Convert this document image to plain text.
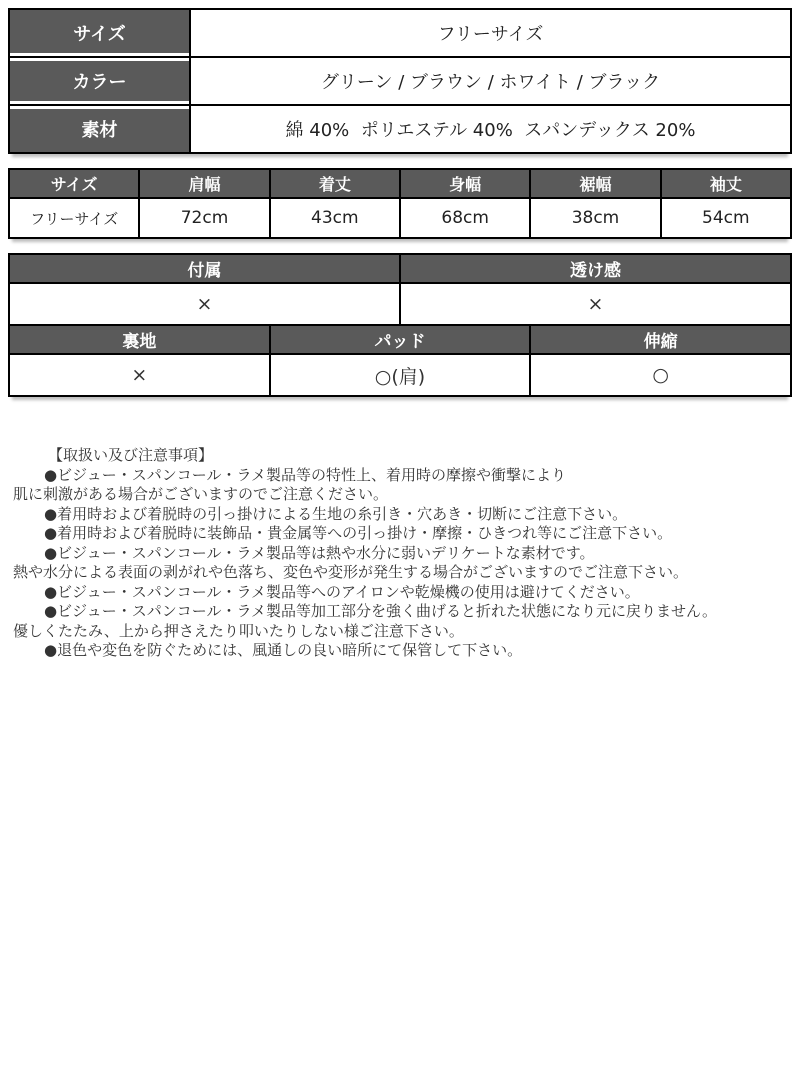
サイズ	フリーサイズ
カラー	グリーン / ブラウン / ホワイト / ブラック
素材	綿 40%  ポリエステル 40%  スパンデックス 20%
サイズ	肩幅	着丈	身幅	裾幅	袖丈
フリーサイズ	72cm	43cm	68cm	38cm	54cm
付属	透け感
×	×
裏地	パッド	伸縮
×	○(肩)	○
【取扱い及び注意事項】
●ビジュー・スパンコール・ラメ製品等の特性上、着用時の摩擦や衝撃により
肌に刺激がある場合がございますのでご注意ください。
●着用時および着脱時の引っ掛けによる生地の糸引き・穴あき・切断にご注意下さい。
●着用時および着脱時に装飾品・貴金属等への引っ掛け・摩擦・ひきつれ等にご注意下さい。
●ビジュー・スパンコール・ラメ製品等は熱や水分に弱いデリケートな素材です。
熱や水分による表面の剥がれや色落ち、変色や変形が発生する場合がございますのでご注意下さい。
●ビジュー・スパンコール・ラメ製品等へのアイロンや乾燥機の使用は避けてください。
●ビジュー・スパンコール・ラメ製品等加工部分を強く曲げると折れた状態になり元に戻りません。
優しくたたみ、上から押さえたり叩いたりしない様ご注意下さい。
●退色や変色を防ぐためには、風通しの良い暗所にて保管して下さい。
